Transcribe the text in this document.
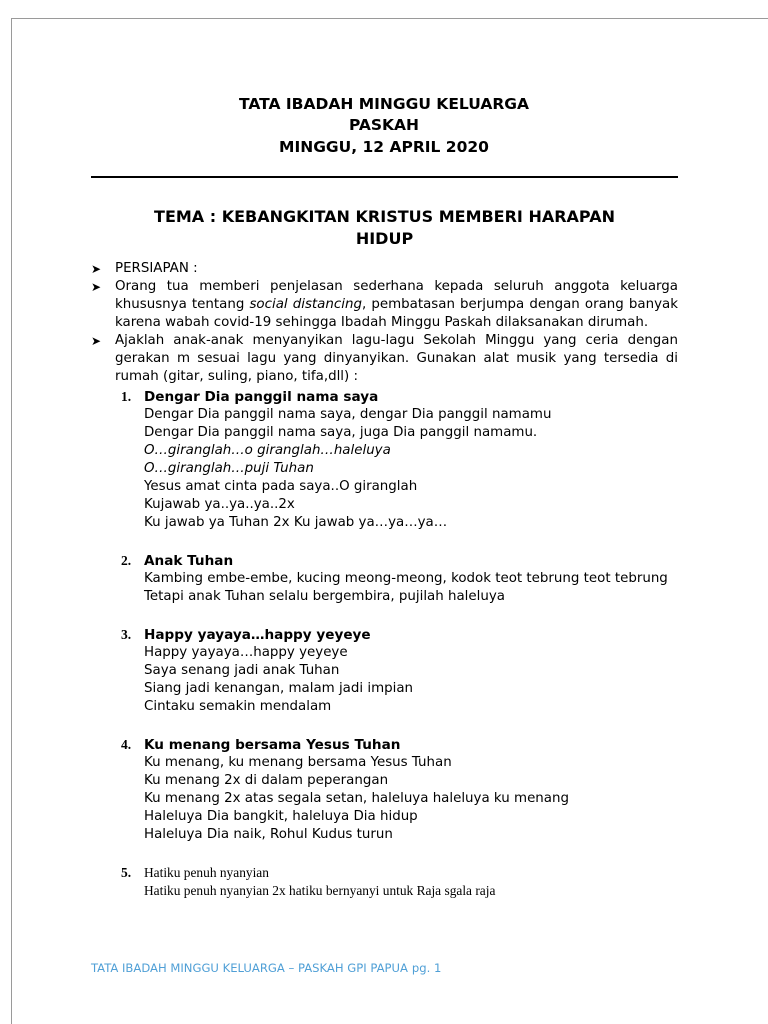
TATA IBADAH MINGGU KELUARGA
PASKAH
MINGGU, 12 APRIL 2020
TEMA : KEBANGKITAN KRISTUS MEMBERI HARAPAN
HIDUP
➤ PERSIAPAN :
➤ Orang tua memberi penjelasan sederhana kepada seluruh anggota keluarga khususnya tentang social distancing, pembatasan berjumpa dengan orang banyak karena wabah covid-19 sehingga Ibadah Minggu Paskah dilaksanakan dirumah.
➤ Ajaklah anak-anak menyanyikan lagu-lagu Sekolah Minggu yang ceria dengan gerakan m sesuai lagu yang dinyanyikan. Gunakan alat musik yang tersedia di rumah (gitar, suling, piano, tifa,dll) :
1. Dengar Dia panggil nama saya
Dengar Dia panggil nama saya, dengar Dia panggil namamu
Dengar Dia panggil nama saya, juga Dia panggil namamu.
O…giranglah…o giranglah…haleluya
O…giranglah…puji Tuhan
Yesus amat cinta pada saya..O giranglah
Kujawab ya..ya..ya..2x
Ku jawab ya Tuhan 2x Ku jawab ya…ya…ya…
2. Anak Tuhan
Kambing embe-embe, kucing meong-meong, kodok teot tebrung teot tebrung
Tetapi anak Tuhan selalu bergembira, pujilah haleluya
3. Happy yayaya…happy yeyeye
Happy yayaya…happy yeyeye
Saya senang jadi anak Tuhan
Siang jadi kenangan, malam jadi impian
Cintaku semakin mendalam
4. Ku menang bersama Yesus Tuhan
Ku menang, ku menang bersama Yesus Tuhan
Ku menang 2x di dalam peperangan
Ku menang 2x atas segala setan, haleluya haleluya ku menang
Haleluya Dia bangkit, haleluya Dia hidup
Haleluya Dia naik, Rohul Kudus turun
5. Hatiku penuh nyanyian
Hatiku penuh nyanyian 2x hatiku bernyanyi untuk Raja sgala raja
TATA IBADAH MINGGU KELUARGA – PASKAH GPI PAPUA pg. 1
